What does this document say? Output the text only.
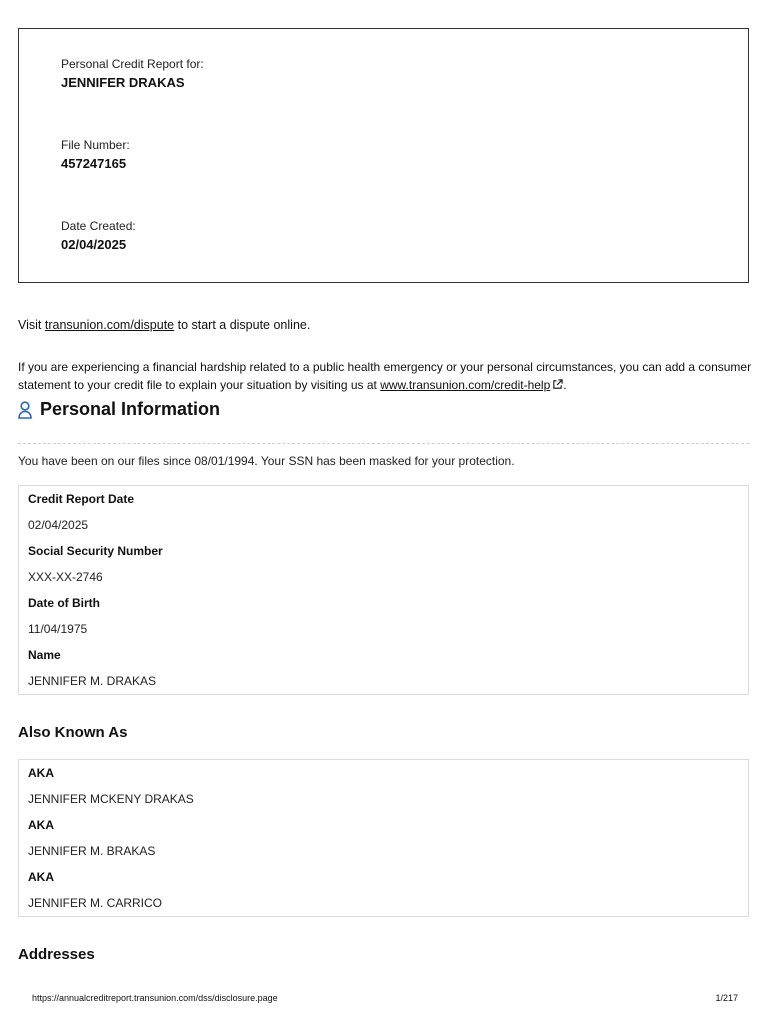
Personal Credit Report for:
JENNIFER DRAKAS
File Number:
457247165
Date Created:
02/04/2025
Visit transunion.com/dispute to start a dispute online.
If you are experiencing a financial hardship related to a public health emergency or your personal circumstances, you can add a consumer statement to your credit file to explain your situation by visiting us at www.transunion.com/credit-help .
Personal Information
You have been on our files since 08/01/1994. Your SSN has been masked for your protection.
Credit Report Date
02/04/2025
Social Security Number
XXX-XX-2746
Date of Birth
11/04/1975
Name
JENNIFER M. DRAKAS
Also Known As
AKA
JENNIFER MCKENY DRAKAS
AKA
JENNIFER M. BRAKAS
AKA
JENNIFER M. CARRICO
Addresses
https://annualcreditreport.transunion.com/dss/disclosure.page	1/217
